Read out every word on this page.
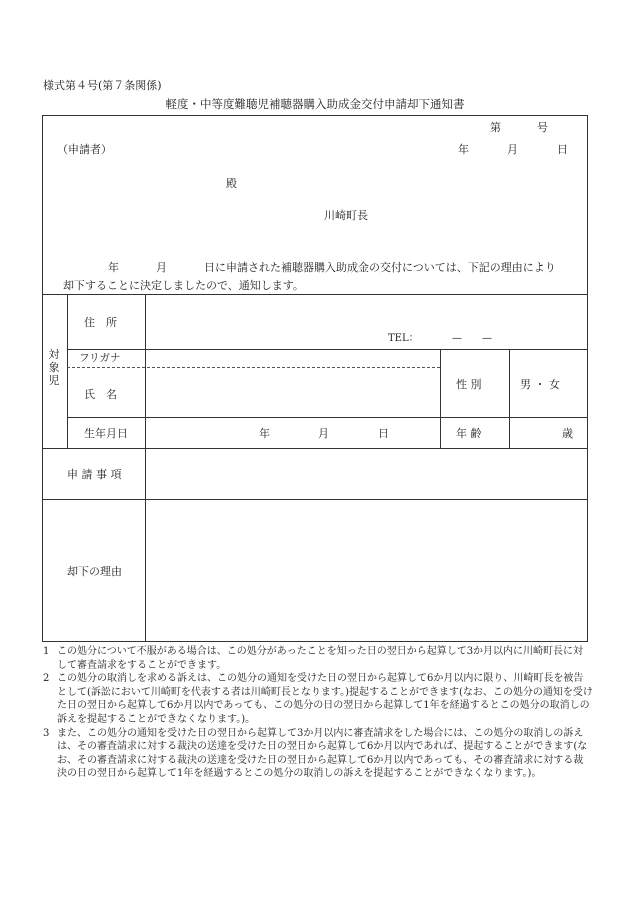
様式第４号(第７条関係)
軽度・中等度難聴児補聴器購入助成金交付申請却下通知書
第	号
（申請者）	年	月	日
殿
川崎町長
年	月	日に申請された補聴器購入助成金の交付については、下記の理由により
却下することに決定しましたので、通知します。
対
象
児
住　所
TEL：	—　　—
フリガナ
氏　名
性 別	男 ・ 女
生年月日	年	月	日	年 齢	歳
申 請 事 項
却下の理由
1 この処分について不服がある場合は、この処分があったことを知った日の翌日から起算して3か月以内に川崎町長に対して審査請求をすることができます。
2 この処分の取消しを求める訴えは、この処分の通知を受けた日の翌日から起算して6か月以内に限り、川崎町長を被告として(訴訟において川崎町を代表する者は川崎町長となります。)提起することができます(なお、この処分の通知を受けた日の翌日から起算して6か月以内であっても、この処分の日の翌日から起算して1年を経過するとこの処分の取消しの訴えを提起することができなくなります。)。
3 また、この処分の通知を受けた日の翌日から起算して3か月以内に審査請求をした場合には、この処分の取消しの訴えは、その審査請求に対する裁決の送達を受けた日の翌日から起算して6か月以内であれば、提起することができます(なお、その審査請求に対する裁決の送達を受けた日の翌日から起算して6か月以内であっても、その審査請求に対する裁決の日の翌日から起算して1年を経過するとこの処分の取消しの訴えを提起することができなくなります。)。
